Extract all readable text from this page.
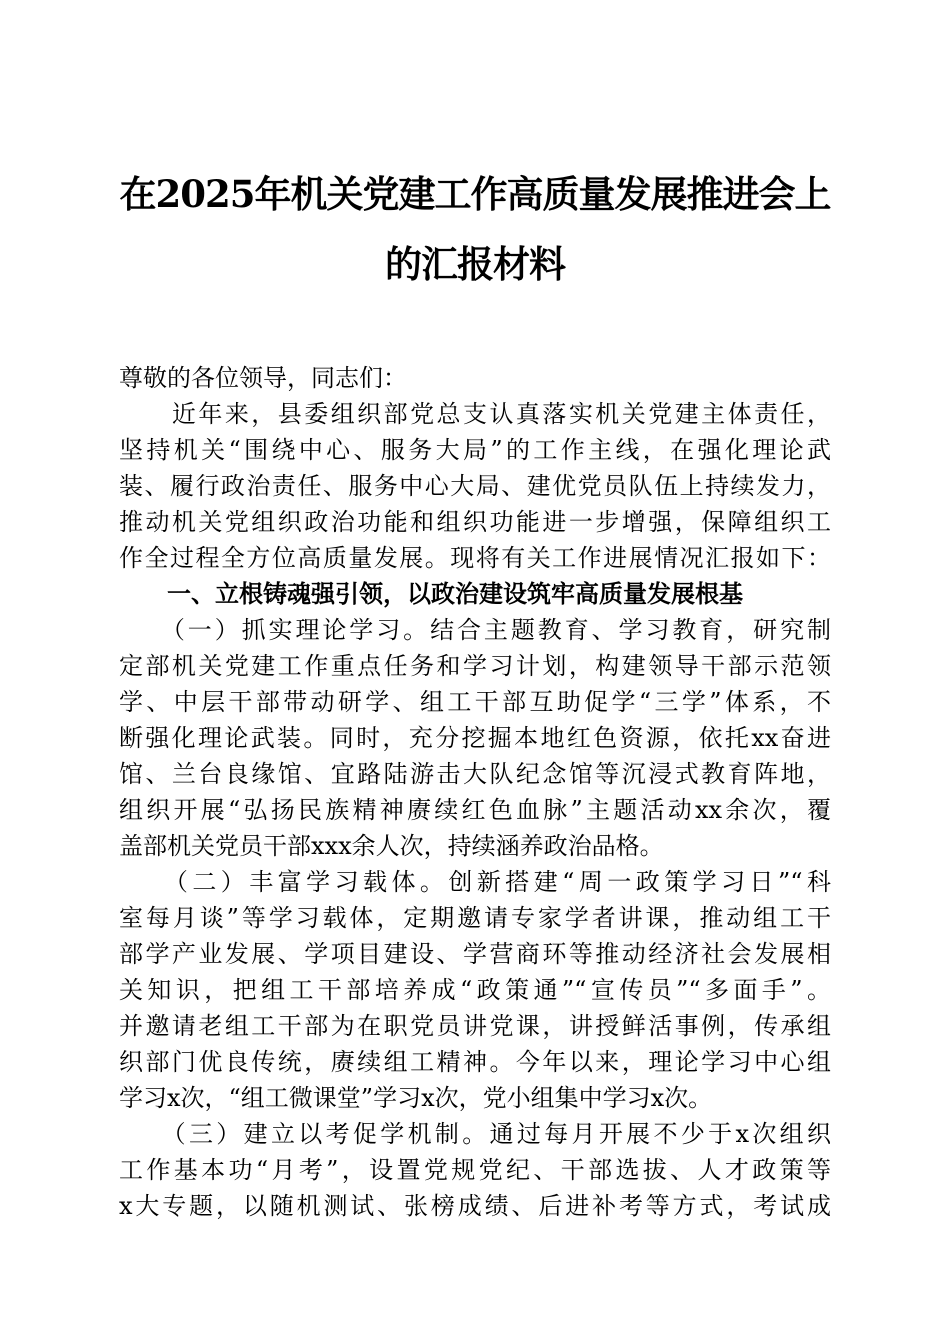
在2025年机关党建工作高质量发展推进会上
的汇报材料
尊敬的各位领导，同志们：
　　近年来，县委组织部党总支认真落实机关党建主体责任，
坚持机关“围绕中心、服务大局”的工作主线，在强化理论武
装、履行政治责任、服务中心大局、建优党员队伍上持续发力，
推动机关党组织政治功能和组织功能进一步增强，保障组织工
作全过程全方位高质量发展。现将有关工作进展情况汇报如下：
　　一、立根铸魂强引领，以政治建设筑牢高质量发展根基
　　（一）抓实理论学习。结合主题教育、学习教育，研究制
定部机关党建工作重点任务和学习计划，构建领导干部示范领
学、中层干部带动研学、组工干部互助促学“三学”体系，不
断强化理论武装。同时，充分挖掘本地红色资源，依托xx奋进
馆、兰台良缘馆、宜路陆游击大队纪念馆等沉浸式教育阵地，
组织开展“弘扬民族精神赓续红色血脉”主题活动xx余次，覆
盖部机关党员干部xxx余人次，持续涵养政治品格。
　　（二）丰富学习载体。创新搭建“周一政策学习日”“科
室每月谈”等学习载体，定期邀请专家学者讲课，推动组工干
部学产业发展、学项目建设、学营商环等推动经济社会发展相
关知识，把组工干部培养成“政策通”“宣传员”“多面手”。
并邀请老组工干部为在职党员讲党课，讲授鲜活事例，传承组
织部门优良传统，赓续组工精神。今年以来，理论学习中心组
学习x次，“组工微课堂”学习x次，党小组集中学习x次。
　　（三）建立以考促学机制。通过每月开展不少于x次组织
工作基本功“月考”，设置党规党纪、干部选拔、人才政策等
x大专题，以随机测试、张榜成绩、后进补考等方式，考试成
